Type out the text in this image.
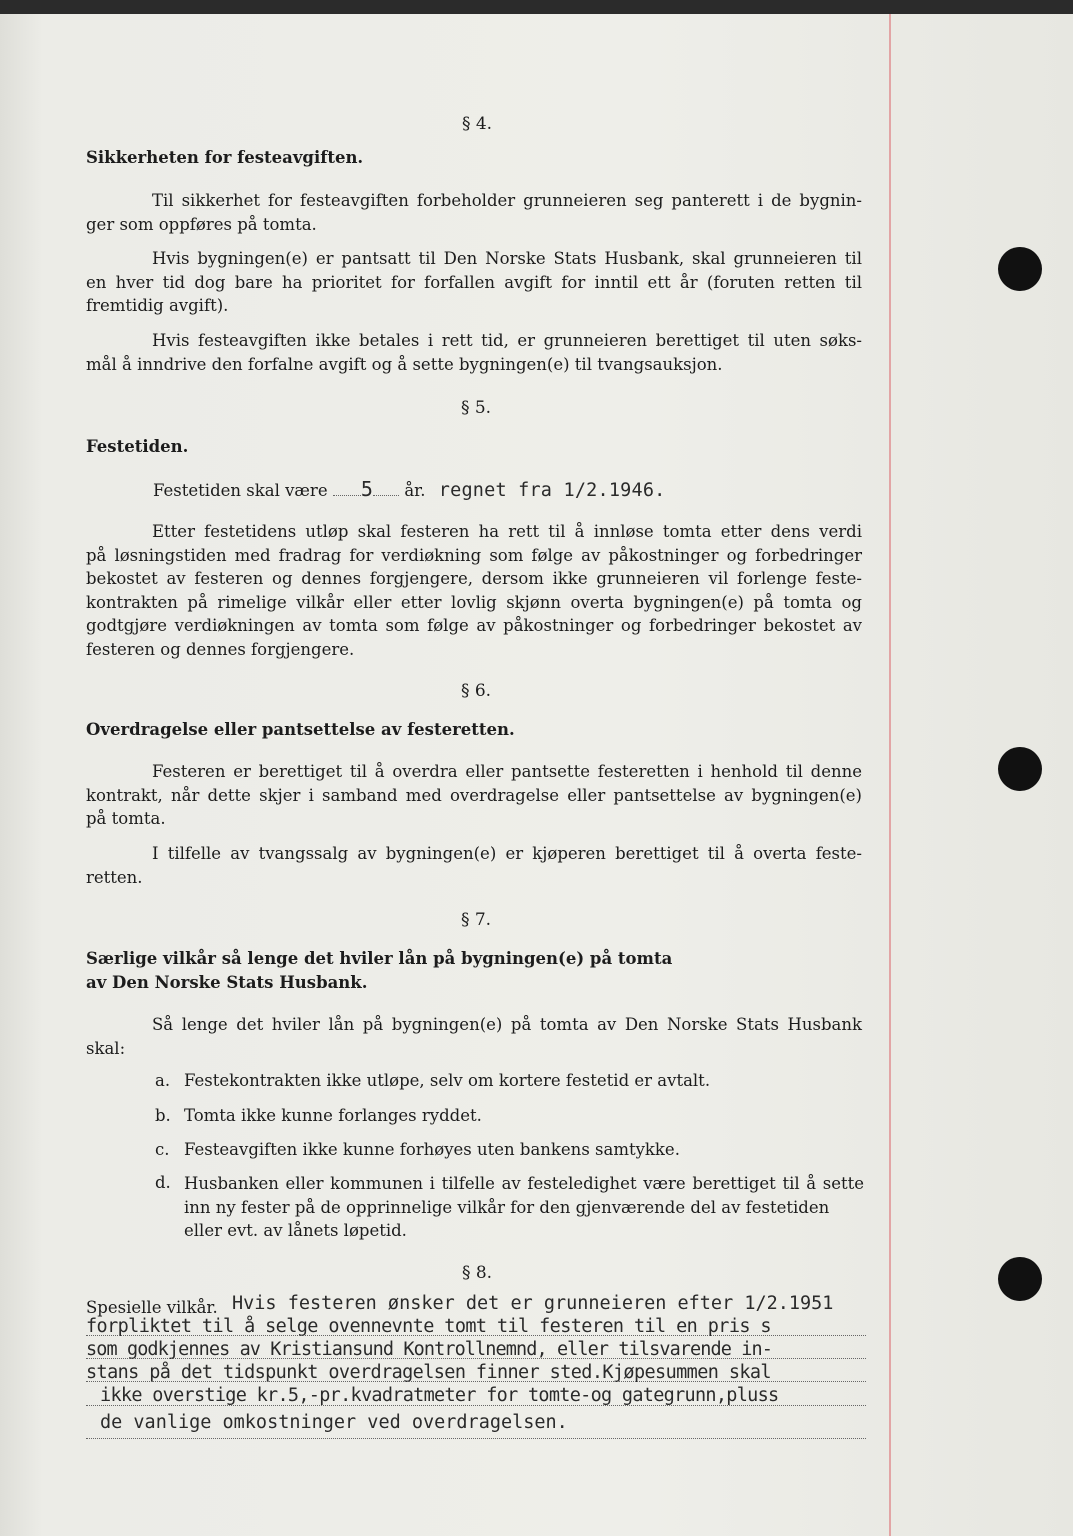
§ 4.
Sikkerheten for festeavgiften.
Til sikkerhet for festeavgiften forbeholder grunneieren seg panterett i de bygnin-
ger som oppføres på tomta.
Hvis bygningen(e) er pantsatt til Den Norske Stats Husbank, skal grunneieren til
en hver tid dog bare ha prioritet for forfallen avgift for inntil ett år (foruten retten til
fremtidig avgift).
Hvis festeavgiften ikke betales i rett tid, er grunneieren berettiget til uten søks-
mål å inndrive den forfalne avgift og å sette bygningen(e) til tvangsauksjon.
§ 5.
Festetiden.
Festetiden skal være 5 år. regnet fra 1/2.1946.
Etter festetidens utløp skal festeren ha rett til å innløse tomta etter dens verdi
på løsningstiden med fradrag for verdiøkning som følge av påkostninger og forbedringer
bekostet av festeren og dennes forgjengere, dersom ikke grunneieren vil forlenge feste-
kontrakten på rimelige vilkår eller etter lovlig skjønn overta bygningen(e) på tomta og
godtgjøre verdiøkningen av tomta som følge av påkostninger og forbedringer bekostet av
festeren og dennes forgjengere.
§ 6.
Overdragelse eller pantsettelse av festeretten.
Festeren er berettiget til å overdra eller pantsette festeretten i henhold til denne
kontrakt, når dette skjer i samband med overdragelse eller pantsettelse av bygningen(e)
på tomta.
I tilfelle av tvangssalg av bygningen(e) er kjøperen berettiget til å overta feste-
retten.
§ 7.
Særlige vilkår så lenge det hviler lån på bygningen(e) på tomta
av Den Norske Stats Husbank.
Så lenge det hviler lån på bygningen(e) på tomta av Den Norske Stats Husbank
skal:
a. Festekontrakten ikke utløpe, selv om kortere festetid er avtalt.
b. Tomta ikke kunne forlanges ryddet.
c. Festeavgiften ikke kunne forhøyes uten bankens samtykke.
d. Husbanken eller kommunen i tilfelle av festeledighet være berettiget til å sette
inn ny fester på de opprinnelige vilkår for den gjenværende del av festetiden
eller evt. av lånets løpetid.
§ 8.
Spesielle vilkår. Hvis festeren ønsker det er grunneieren efter 1/2.1951
forpliktet til å selge ovennevnte tomt til festeren til en pris s
som godkjennes av Kristiansund Kontrollnemnd, eller tilsvarende in-
stans på det tidspunkt overdragelsen finner sted.Kjøpesummen skal
ikke overstige kr.5,-pr.kvadratmeter for tomte-og gategrunn,pluss
de vanlige omkostninger ved overdragelsen.
